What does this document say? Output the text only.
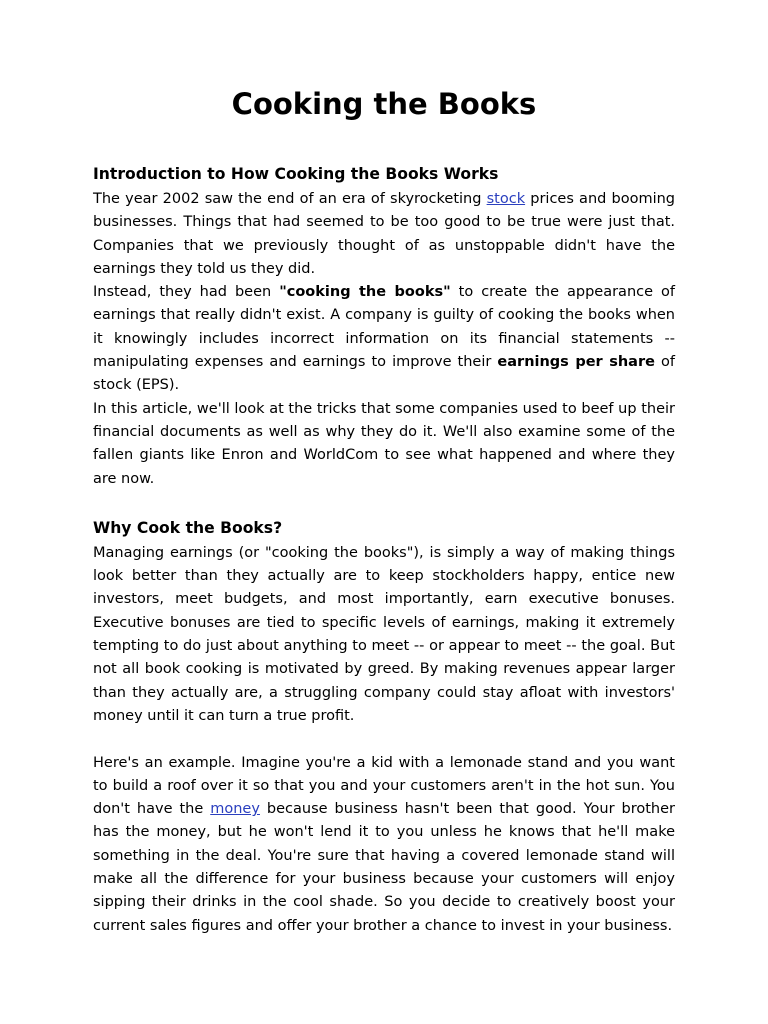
Cooking the Books
Introduction to How Cooking the Books Works

The year 2002 saw the end of an era of skyrocketing stock prices and booming businesses. Things that had seemed to be too good to be true were just that. Companies that we previously thought of as unstoppable didn't have the earnings they told us they did.

Instead, they had been "cooking the books" to create the appearance of earnings that really didn't exist. A company is guilty of cooking the books when it knowingly includes incorrect information on its financial statements -- manipulating expenses and earnings to improve their earnings per share of stock (EPS).

In this article, we'll look at the tricks that some companies used to beef up their financial documents as well as why they do it. We'll also examine some of the fallen giants like Enron and WorldCom to see what happened and where they are now.

Why Cook the Books?

Managing earnings (or "cooking the books"), is simply a way of making things look better than they actually are to keep stockholders happy, entice new investors, meet budgets, and most importantly, earn executive bonuses. Executive bonuses are tied to specific levels of earnings, making it extremely tempting to do just about anything to meet -- or appear to meet -- the goal. But not all book cooking is motivated by greed. By making revenues appear larger than they actually are, a struggling company could stay afloat with investors' money until it can turn a true profit.

Here's an example. Imagine you're a kid with a lemonade stand and you want to build a roof over it so that you and your customers aren't in the hot sun. You don't have the money because business hasn't been that good. Your brother has the money, but he won't lend it to you unless he knows that he'll make something in the deal. You're sure that having a covered lemonade stand will make all the difference for your business because your customers will enjoy sipping their drinks in the cool shade. So you decide to creatively boost your current sales figures and offer your brother a chance to invest in your business.
